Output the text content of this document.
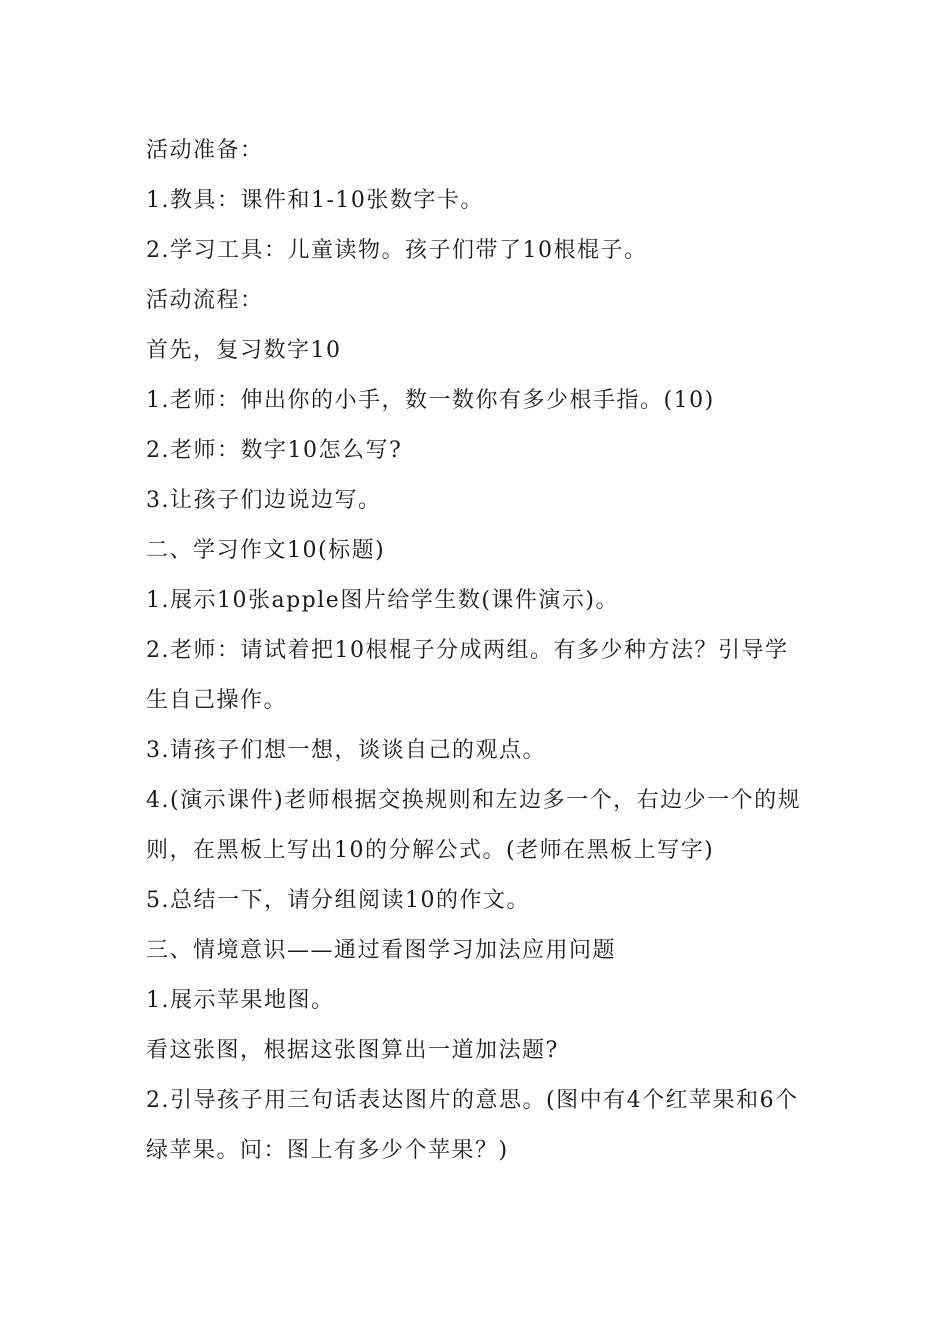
活动准备：

1.教具：课件和1-10张数字卡。

2.学习工具：儿童读物。孩子们带了10根棍子。

活动流程：

首先，复习数字10

1.老师：伸出你的小手，数一数你有多少根手指。(10)

2.老师：数字10怎么写?

3.让孩子们边说边写。

二、学习作文10(标题)

1.展示10张apple图片给学生数(课件演示)。

2.老师：请试着把10根棍子分成两组。有多少种方法？引导学生自己操作。

3.请孩子们想一想，谈谈自己的观点。

4.(演示课件)老师根据交换规则和左边多一个，右边少一个的规则，在黑板上写出10的分解公式。(老师在黑板上写字)

5.总结一下，请分组阅读10的作文。

三、情境意识——通过看图学习加法应用问题

1.展示苹果地图。

看这张图，根据这张图算出一道加法题?

2.引导孩子用三句话表达图片的意思。(图中有4个红苹果和6个绿苹果。问：图上有多少个苹果？)
